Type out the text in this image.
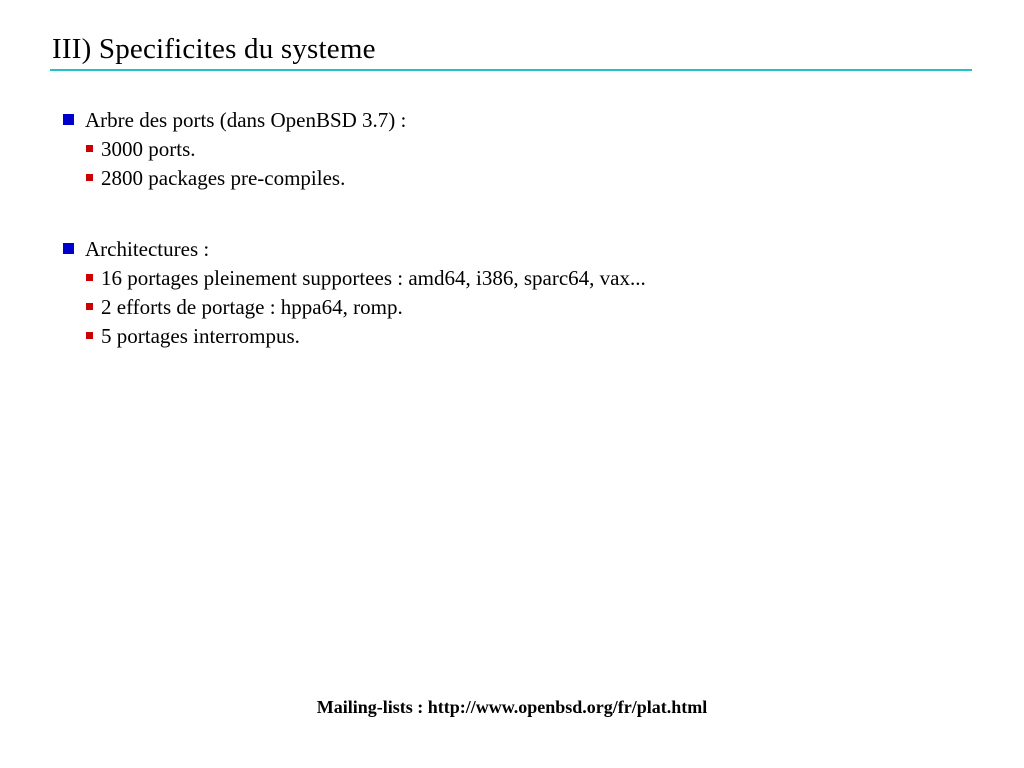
III) Specificites du systeme
Arbre des ports (dans OpenBSD 3.7) :
3000 ports.
2800 packages pre-compiles.
Architectures :
16 portages pleinement supportees : amd64, i386, sparc64, vax...
2 efforts de portage : hppa64, romp.
5 portages interrompus.
Mailing-lists : http://www.openbsd.org/fr/plat.html
